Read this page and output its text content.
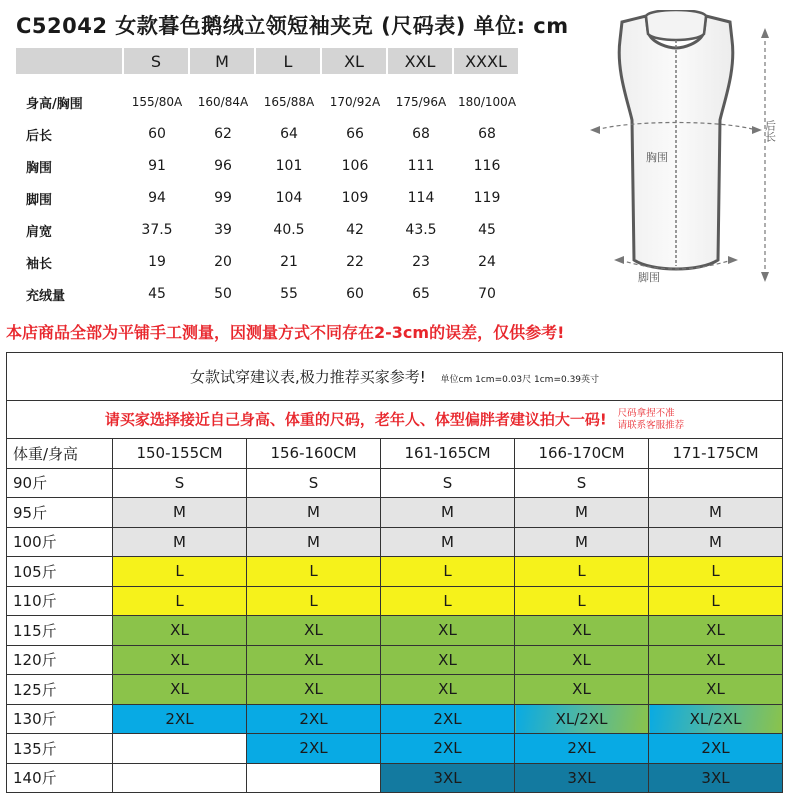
C52042 女款暮色鹅绒立领短袖夹克 (尺码表) 单位: cm
S	M	L	XL	XXL	XXXL
身高/胸围	155/80A	160/84A	165/88A	170/92A	175/96A 180/100A
后长	60	62	64	66	68	68
胸围	91	96	101	106	111	116
脚围	94	99	104	109	114	119
肩宽	37.5	39	40.5	42	43.5	45
袖长	19	20	21	22	23	24
充绒量	45	50	55	60	65	70
胸围
脚围
后长
本店商品全部为平铺手工测量，因测量方式不同存在2-3cm的误差，仅供参考!
女款试穿建议表,极力推荐买家参考! 单位cm 1cm=0.03尺 1cm=0.39英寸					
请买家选择接近自己身高、体重的尺码，老年人、体型偏胖者建议拍大一码! 尺码拿捏不准
请联系客服推荐					
体重/身高	150-155CM	156-160CM	161-165CM	166-170CM	171-175CM
90斤	S	S	S	S	
95斤	M	M	M	M	M
100斤	M	M	M	M	M
105斤	L	L	L	L	L
110斤	L	L	L	L	L
115斤	XL	XL	XL	XL	XL
120斤	XL	XL	XL	XL	XL
125斤	XL	XL	XL	XL	XL
130斤	2XL	2XL	2XL	XL/2XL	XL/2XL
135斤		2XL	2XL	2XL	2XL
140斤			3XL	3XL	3XL
